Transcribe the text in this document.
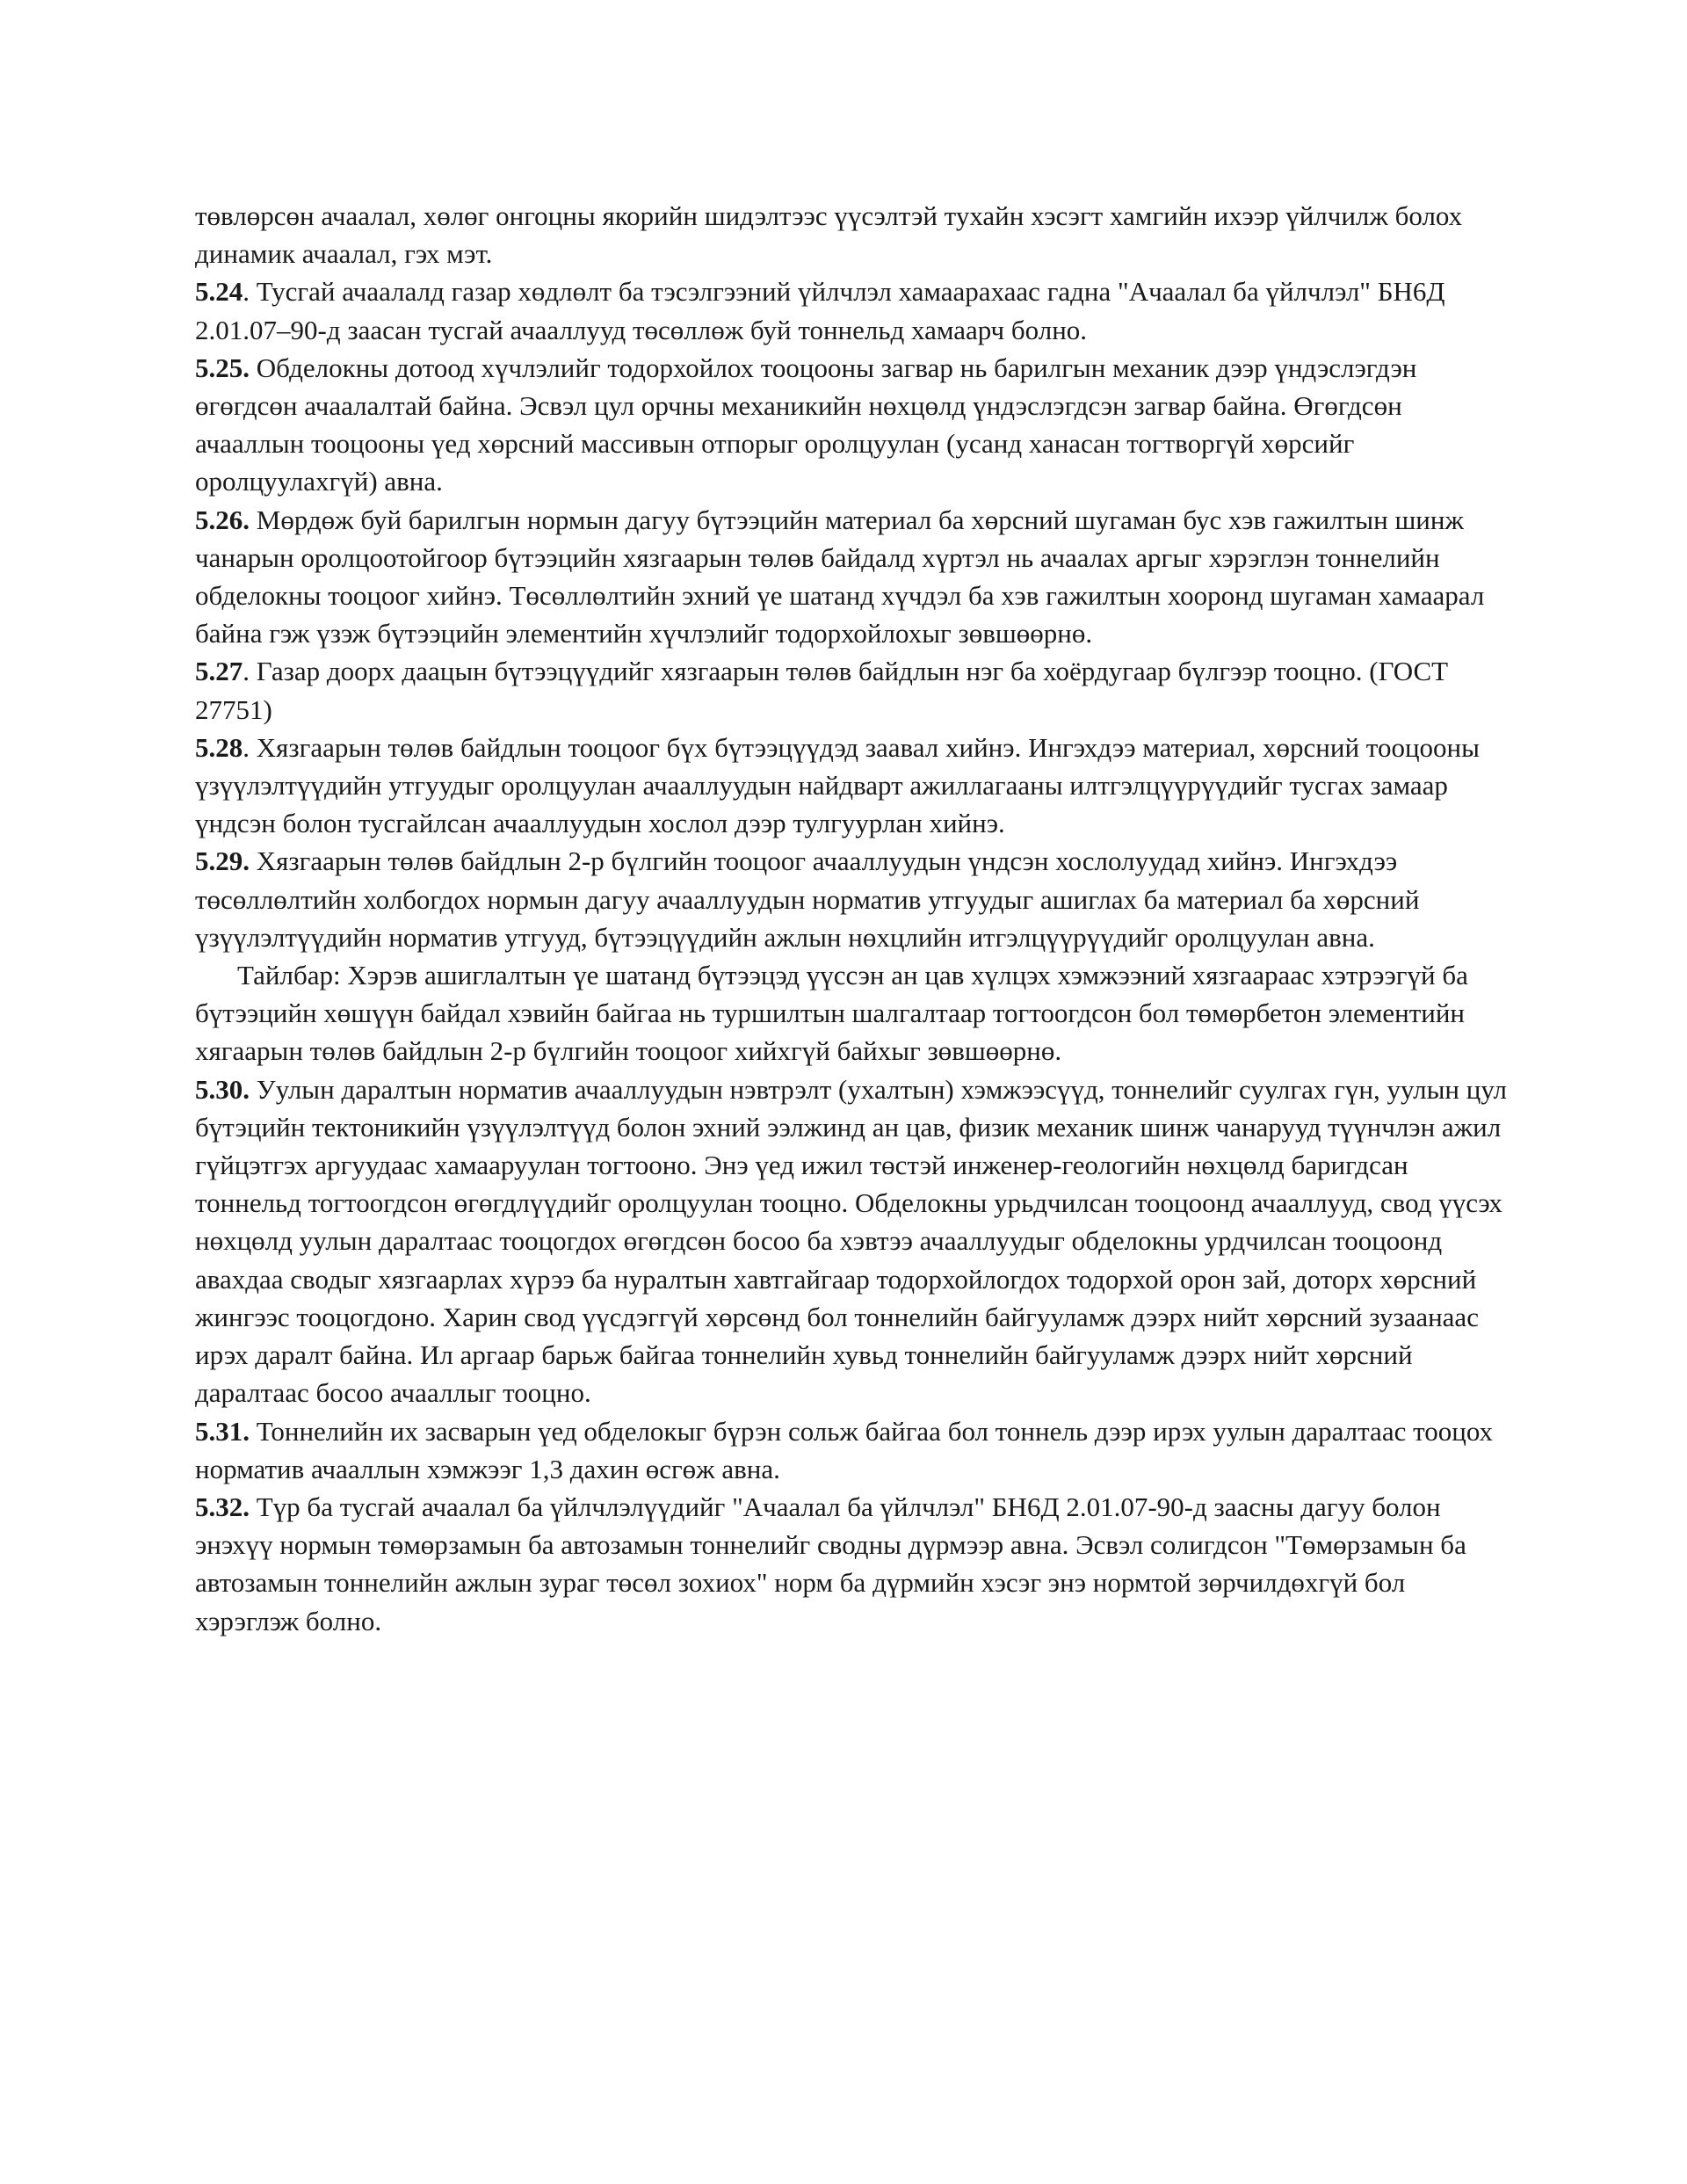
төвлөрсөн ачаалал, хөлөг онгоцны якорийн шидэлтээс үүсэлтэй тухайн хэсэгт хамгийн ихээр үйлчилж болох динамик ачаалал, гэх мэт.

5.24. Тусгай ачаалалд газар хөдлөлт ба тэсэлгээний үйлчлэл хамаарахаас гадна "Ачаалал ба үйлчлэл" БН6Д 2.01.07–90-д заасан тусгай ачааллууд төсөллөж буй тоннельд хамаарч болно.

5.25. Обделокны дотоод хүчлэлийг тодорхойлох тооцооны загвар нь барилгын механик дээр үндэслэгдэн өгөгдсөн ачаалалтай байна. Эсвэл цул орчны механикийн нөхцөлд үндэслэгдсэн загвар байна. Өгөгдсөн ачааллын тооцооны үед хөрсний массивын отпорыг оролцуулан (усанд ханасан тогтворгүй хөрсийг оролцуулахгүй) авна.

5.26. Мөрдөж буй барилгын нормын дагуу бүтээцийн материал ба хөрсний шугаман бус хэв гажилтын шинж чанарын оролцоотойгоор бүтээцийн хязгаарын төлөв байдалд хүртэл нь ачаалах аргыг хэрэглэн тоннелийн обделокны тооцоог хийнэ. Төсөллөлтийн эхний үе шатанд хүчдэл ба хэв гажилтын хооронд шугаман хамаарал байна гэж үзэж бүтээцийн элементийн хүчлэлийг тодорхойлохыг зөвшөөрнө.

5.27. Газар доорх даацын бүтээцүүдийг хязгаарын төлөв байдлын нэг ба хоёрдугаар бүлгээр тооцно. (ГОСТ 27751)

5.28. Хязгаарын төлөв байдлын тооцоог бүх бүтээцүүдэд заавал хийнэ. Ингэхдээ материал, хөрсний тооцооны үзүүлэлтүүдийн утгуудыг оролцуулан ачааллуудын найдварт ажиллагааны илтгэлцүүрүүдийг тусгах замаар үндсэн болон тусгайлсан ачааллуудын хослол дээр тулгуурлан хийнэ.

5.29. Хязгаарын төлөв байдлын 2-р бүлгийн тооцоог ачааллуудын үндсэн хослолуудад хийнэ. Ингэхдээ төсөллөлтийн холбогдох нормын дагуу ачааллуудын норматив утгуудыг ашиглах ба материал ба хөрсний үзүүлэлтүүдийн норматив утгууд, бүтээцүүдийн ажлын нөхцлийн итгэлцүүрүүдийг оролцуулан авна.

Тайлбар: Хэрэв ашиглалтын үе шатанд бүтээцэд үүссэн ан цав хүлцэх хэмжээний хязгаараас хэтрээгүй ба бүтээцийн хөшүүн байдал хэвийн байгаа нь туршилтын шалгалтаар тогтоогдсон бол төмөрбетон элементийн хягаарын төлөв байдлын 2-р бүлгийн тооцоог хийхгүй байхыг зөвшөөрнө.

5.30. Уулын даралтын норматив ачааллуудын нэвтрэлт (ухалтын) хэмжээсүүд, тоннелийг суулгах гүн, уулын цул бүтэцийн тектоникийн үзүүлэлтүүд болон эхний ээлжинд ан цав, физик механик шинж чанарууд түүнчлэн ажил гүйцэтгэх аргуудаас хамааруулан тогтооно. Энэ үед ижил төстэй инженер-геологийн нөхцөлд баригдсан тоннельд тогтоогдсон өгөгдлүүдийг оролцуулан тооцно. Обделокны урьдчилсан тооцоонд ачааллууд, свод үүсэх нөхцөлд уулын даралтаас тооцогдох өгөгдсөн босоо ба хэвтээ ачааллуудыг обделокны урдчилсан тооцоонд авахдаа сводыг хязгаарлах хүрээ ба нуралтын хавтгайгаар тодорхойлогдох тодорхой орон зай, доторх хөрсний жингээс тооцогдоно. Харин свод үүсдэггүй хөрсөнд бол тоннелийн байгууламж дээрх нийт хөрсний зузаанаас ирэх даралт байна. Ил аргаар барьж байгаа тоннелийн хувьд тоннелийн байгууламж дээрх нийт хөрсний даралтаас босоо ачааллыг тооцно.

5.31. Тоннелийн их засварын үед обделокыг бүрэн сольж байгаа бол тоннель дээр ирэх уулын даралтаас тооцох норматив ачааллын хэмжээг 1,3 дахин өсгөж авна.

5.32. Түр ба тусгай ачаалал ба үйлчлэлүүдийг "Ачаалал ба үйлчлэл" БН6Д 2.01.07-90-д заасны дагуу болон энэхүү нормын төмөрзамын ба автозамын тоннелийг сводны дүрмээр авна. Эсвэл солигдсон "Төмөрзамын ба автозамын тоннелийн ажлын зураг төсөл зохиох" норм ба дүрмийн хэсэг энэ нормтой зөрчилдөхгүй бол хэрэглэж болно.
